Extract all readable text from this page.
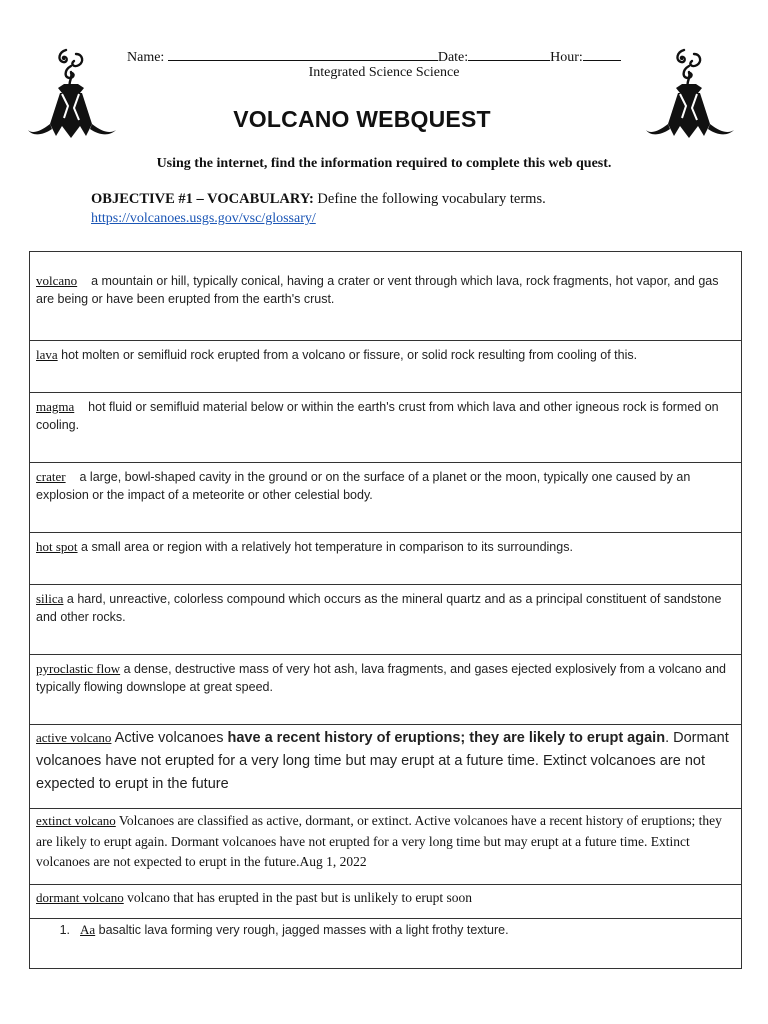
Name:	Date:	Hour:
Integrated Science Science
VOLCANO WEBQUEST
Using the internet, find the information required to complete this web quest.
OBJECTIVE #1 – VOCABULARY: Define the following vocabulary terms.
https://volcanoes.usgs.gov/vsc/glossary/
volcano a mountain or hill, typically conical, having a crater or vent through which lava, rock fragments, hot vapor, and gas are being or have been erupted from the earth's crust.
lava hot molten or semifluid rock erupted from a volcano or fissure, or solid rock resulting from cooling of this.
magma hot fluid or semifluid material below or within the earth's crust from which lava and other igneous rock is formed on cooling.
crater a large, bowl-shaped cavity in the ground or on the surface of a planet or the moon, typically one caused by an explosion or the impact of a meteorite or other celestial body.
hot spot a small area or region with a relatively hot temperature in comparison to its surroundings.
silica a hard, unreactive, colorless compound which occurs as the mineral quartz and as a principal constituent of sandstone and other rocks.
pyroclastic flow a dense, destructive mass of very hot ash, lava fragments, and gases ejected explosively from a volcano and typically flowing downslope at great speed.
active volcano Active volcanoes have a recent history of eruptions; they are likely to erupt again. Dormant volcanoes have not erupted for a very long time but may erupt at a future time. Extinct volcanoes are not expected to erupt in the future
extinct volcano Volcanoes are classified as active, dormant, or extinct. Active volcanoes have a recent history of eruptions; they are likely to erupt again. Dormant volcanoes have not erupted for a very long time but may erupt at a future time. Extinct volcanoes are not expected to erupt in the future.Aug 1, 2022
dormant volcano volcano that has erupted in the past but is unlikely to erupt soon
1. Aa basaltic lava forming very rough, jagged masses with a light frothy texture.
